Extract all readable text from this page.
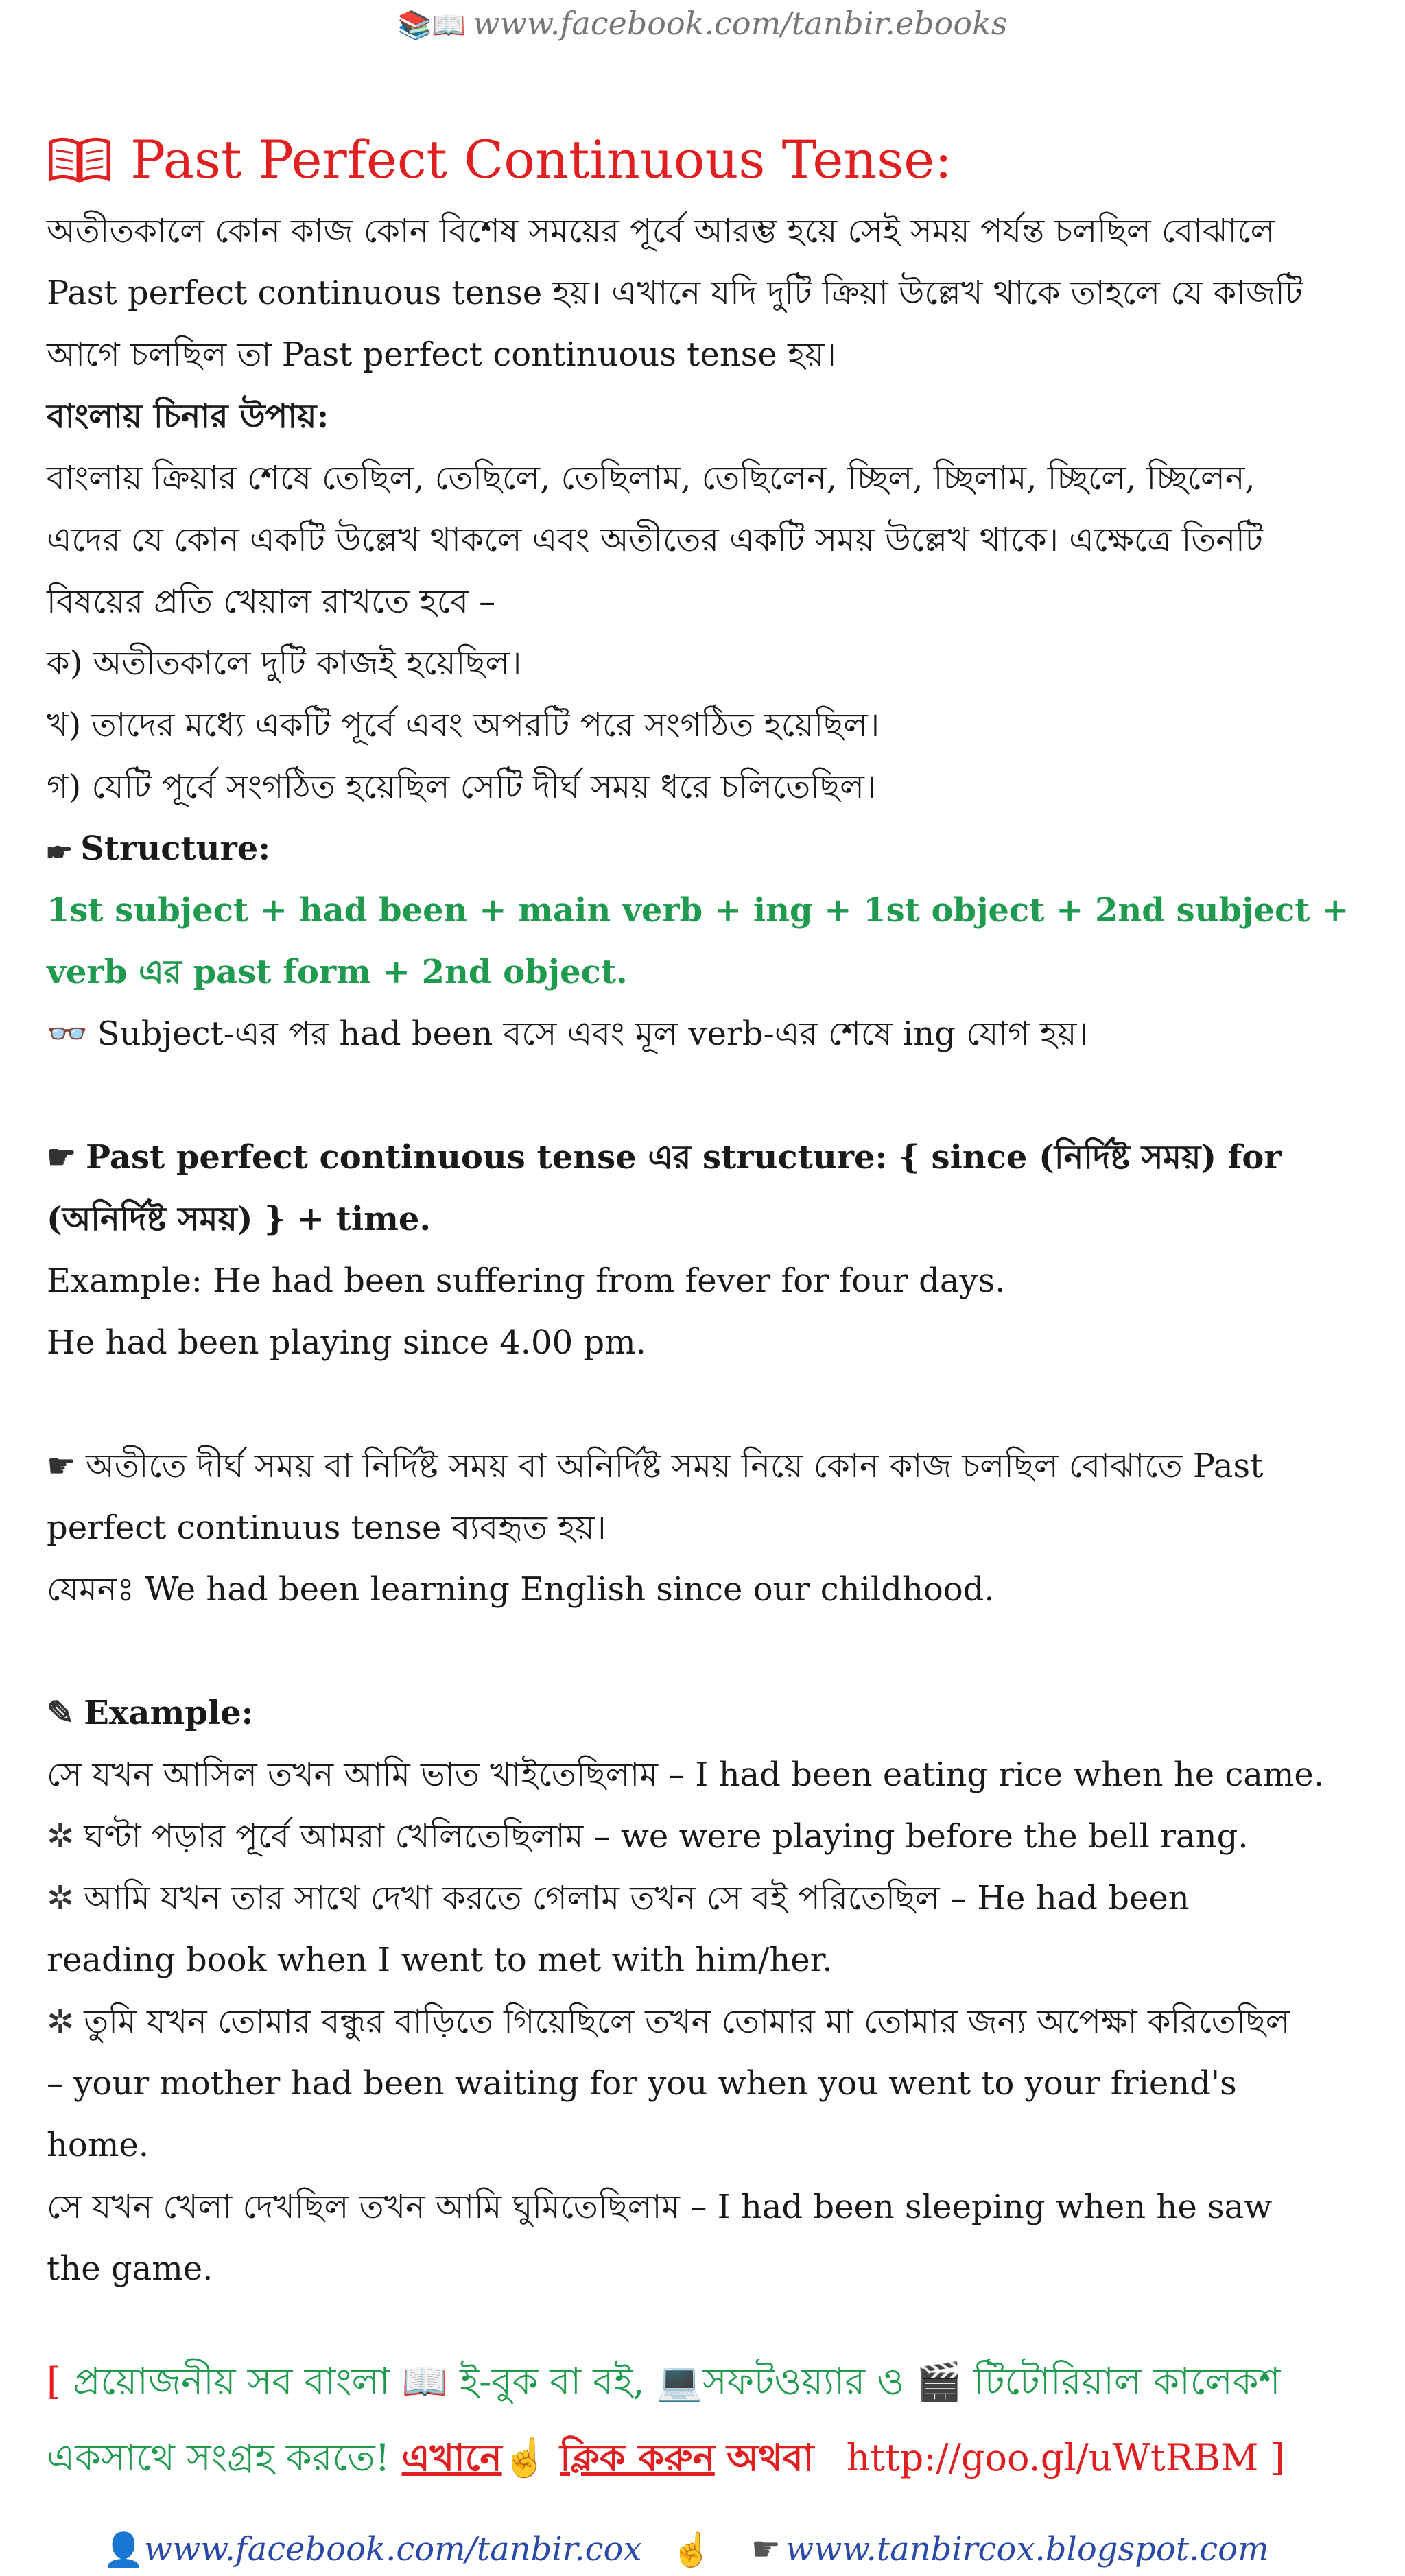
📚📖 www.facebook.com/tanbir.ebooks
Past Perfect Continuous Tense:

অতীতকালে কোন কাজ কোন বিশেষ সময়ের পূর্বে আরম্ভ হয়ে সেই সময় পর্যন্ত চলছিল বোঝালে

Past perfect continuous tense হয়। এখানে যদি দুটি ক্রিয়া উল্লেখ থাকে তাহলে যে কাজটি

আগে চলছিল তা Past perfect continuous tense হয়।

বাংলায় চিনার উপায়:

বাংলায় ক্রিয়ার শেষে তেছিল, তেছিলে, তেছিলাম, তেছিলেন, চ্ছিল, চ্ছিলাম, চ্ছিলে, চ্ছিলেন,

এদের যে কোন একটি উল্লেখ থাকলে এবং অতীতের একটি সময় উল্লেখ থাকে। এক্ষেত্রে তিনটি

বিষয়ের প্রতি খেয়াল রাখতে হবে –

ক) অতীতকালে দুটি কাজই হয়েছিল।

খ) তাদের মধ্যে একটি পূর্বে এবং অপরটি পরে সংগঠিত হয়েছিল।

গ) যেটি পূর্বে সংগঠিত হয়েছিল সেটি দীর্ঘ সময় ধরে চলিতেছিল।

🖝 Structure:

1st subject + had been + main verb + ing + 1st object + 2nd subject +

verb এর past form + 2nd object.

👓 Subject-এর পর had been বসে এবং মূল verb-এর শেষে ing যোগ হয়।

☛ Past perfect continuous tense এর structure: { since (নির্দিষ্ট সময়) for

(অনির্দিষ্ট সময়) } + time.

Example: He had been suffering from fever for four days.

He had been playing since 4.00 pm.

☛ অতীতে দীর্ঘ সময় বা নির্দিষ্ট সময় বা অনির্দিষ্ট সময় নিয়ে কোন কাজ চলছিল বোঝাতে Past

perfect continuus tense ব্যবহৃত হয়।

যেমনঃ We had been learning English since our childhood.

✎ Example:

সে যখন আসিল তখন আমি ভাত খাইতেছিলাম – I had been eating rice when he came.

✲ ঘণ্টা পড়ার পূর্বে আমরা খেলিতেছিলাম – we were playing before the bell rang.

✲ আমি যখন তার সাথে দেখা করতে গেলাম তখন সে বই পরিতেছিল – He had been

reading book when I went to met with him/her.

✲ তুমি যখন তোমার বন্ধুর বাড়িতে গিয়েছিলে তখন তোমার মা তোমার জন্য অপেক্ষা করিতেছিল

– your mother had been waiting for you when you went to your friend's

home.

সে যখন খেলা দেখছিল তখন আমি ঘুমিতেছিলাম – I had been sleeping when he saw

the game.

[ প্রয়োজনীয় সব বাংলা 📖 ই-বুক বা বই, 💻সফটওয়্যার ও 🎬 টিটোরিয়াল কালেকশ
একসাথে সংগ্রহ করতে! এখানে☝ ক্লিক করুন অথবা http://goo.gl/uWtRBM ]
👤 www.facebook.com/tanbir.cox ☝ ☛ www.tanbircox.blogspot.com
